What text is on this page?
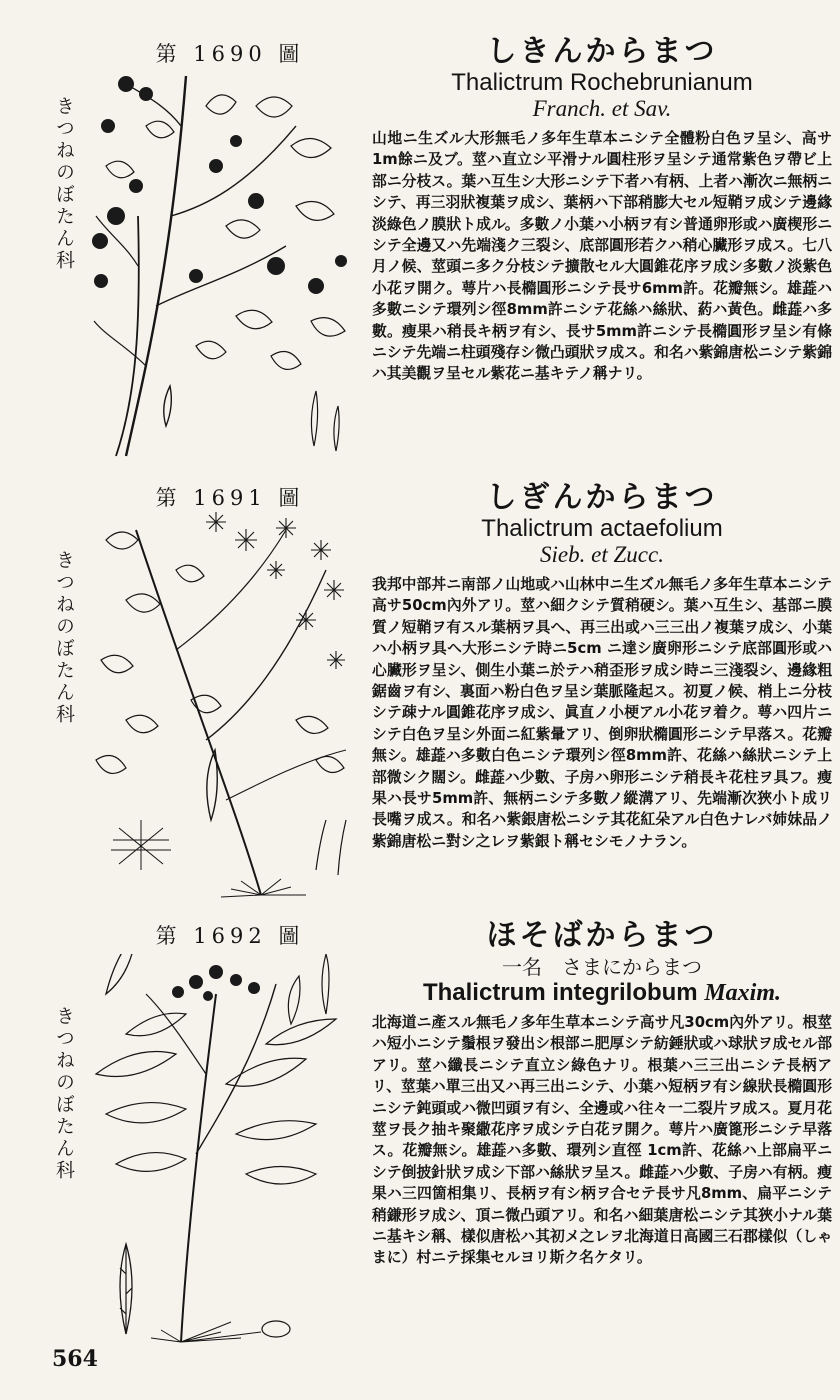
第 1690 圖
きつねのぼたん科
しきんからまつ
Thalictrum Rochebrunianum
Franch. et Sav.
山地ニ生ズル大形無毛ノ多年生草本ニシテ全體粉白色ヲ呈シ、高サ1m餘ニ及ブ。莖ハ直立シ平滑ナル圓柱形ヲ呈シテ通常紫色ヲ帶ビ上部ニ分枝ス。葉ハ互生シ大形ニシテ下者ハ有柄、上者ハ漸次ニ無柄ニシテ、再三羽狀複葉ヲ成シ、葉柄ハ下部稍膨大セル短鞘ヲ成シテ邊緣淡綠色ノ膜狀ト成ル。多數ノ小葉ハ小柄ヲ有シ普通卵形或ハ廣楔形ニシテ全邊又ハ先端淺ク三裂シ、底部圓形若クハ稍心臟形ヲ成ス。七八月ノ候、莖頭ニ多ク分枝シテ擴散セル大圓錐花序ヲ成シ多數ノ淡紫色小花ヲ開ク。萼片ハ長橢圓形ニシテ長サ6mm許。花瓣無シ。雄蕋ハ多數ニシテ環列シ徑8mm許ニシテ花絲ハ絲狀、葯ハ黃色。雌蕋ハ多數。瘦果ハ稍長キ柄ヲ有シ、長サ5mm許ニシテ長橢圓形ヲ呈シ有條ニシテ先端ニ柱頭殘存シ微凸頭狀ヲ成ス。和名ハ紫錦唐松ニシテ紫錦ハ其美觀ヲ呈セル紫花ニ基キテノ稱ナリ。
第 1691 圖
きつねのぼたん科
しぎんからまつ
Thalictrum actaefolium
Sieb. et Zucc.
我邦中部丼ニ南部ノ山地或ハ山林中ニ生ズル無毛ノ多年生草本ニシテ高サ50cm內外アリ。莖ハ細クシテ質稍硬シ。葉ハ互生シ、基部ニ膜質ノ短鞘ヲ有スル葉柄ヲ具ヘ、再三出或ハ三三出ノ複葉ヲ成シ、小葉ハ小柄ヲ具ヘ大形ニシテ時ニ5cm ニ達シ廣卵形ニシテ底部圓形或ハ心臟形ヲ呈シ、側生小葉ニ於テハ稍歪形ヲ成シ時ニ三淺裂シ、邊緣粗鋸齒ヲ有シ、裏面ハ粉白色ヲ呈シ葉脈隆起ス。初夏ノ候、梢上ニ分枝シテ疎ナル圓錐花序ヲ成シ、眞直ノ小梗アル小花ヲ着ク。萼ハ四片ニシテ白色ヲ呈シ外面ニ紅紫暈アリ、倒卵狀橢圓形ニシテ早落ス。花瓣無シ。雄蕋ハ多數白色ニシテ環列シ徑8mm許、花絲ハ絲狀ニシテ上部微シク闊シ。雌蕋ハ少數、子房ハ卵形ニシテ稍長キ花柱ヲ具フ。瘦果ハ長サ5mm許、無柄ニシテ多數ノ縱溝アリ、先端漸次狹小ト成リ長嘴ヲ成ス。和名ハ紫銀唐松ニシテ其花紅朵アル白色ナレバ姉妹品ノ紫錦唐松ニ對シ之レヲ紫銀ト稱セシモノナラン。
第 1692 圖
きつねのぼたん科
ほそばからまつ
一名　さまにからまつ
Thalictrum integrilobum Maxim.
北海道ニ產スル無毛ノ多年生草本ニシテ高サ凡30cm內外アリ。根莖ハ短小ニシテ鬚根ヲ發出シ根部ニ肥厚シテ紡錘狀或ハ球狀ヲ成セル部アリ。莖ハ纖長ニシテ直立シ綠色ナリ。根葉ハ三三出ニシテ長柄アリ、莖葉ハ單三出又ハ再三出ニシテ、小葉ハ短柄ヲ有シ線狀長橢圓形ニシテ鈍頭或ハ微凹頭ヲ有シ、全邊或ハ往々一二裂片ヲ成ス。夏月花莖ヲ長ク抽キ聚繖花序ヲ成シテ白花ヲ開ク。萼片ハ廣篦形ニシテ早落ス。花瓣無シ。雄蕋ハ多數、環列シ直徑 1cm許、花絲ハ上部扁平ニシテ倒披針狀ヲ成シ下部ハ絲狀ヲ呈ス。雌蕋ハ少數、子房ハ有柄。瘦果ハ三四箇相集リ、長柄ヲ有シ柄ヲ合セテ長サ凡8mm、扁平ニシテ稍鎌形ヲ成シ、頂ニ微凸頭アリ。和名ハ細葉唐松ニシテ其狹小ナル葉ニ基キシ稱、樣似唐松ハ其初メ之レヲ北海道日高國三石郡樣似（しゃまに）村ニテ採集セルヨリ斯ク名ケタリ。
564
